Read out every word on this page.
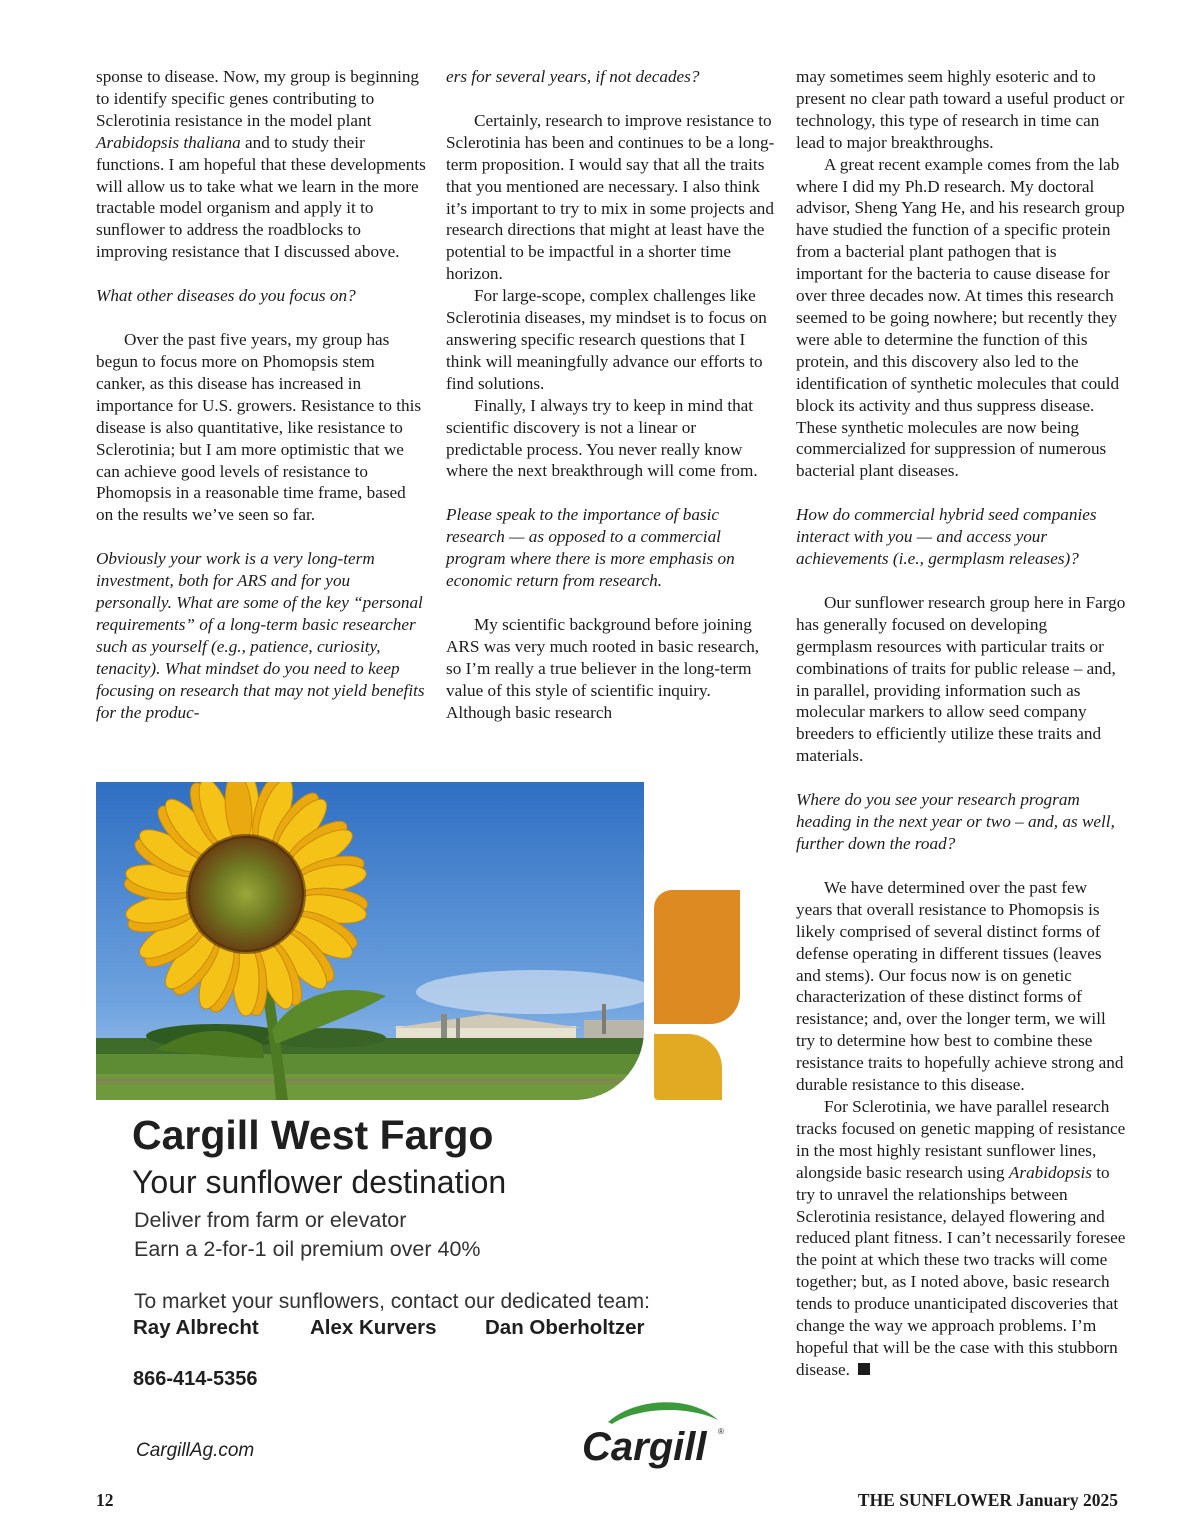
sponse to disease. Now, my group is beginning to identify specific genes contributing to Sclerotinia resistance in the model plant Arabidopsis thaliana and to study their functions. I am hopeful that these developments will allow us to take what we learn in the more tractable model organism and apply it to sunflower to address the roadblocks to improving resistance that I discussed above.

What other diseases do you focus on?

Over the past five years, my group has begun to focus more on Phomopsis stem canker, as this disease has increased in importance for U.S. growers. Resistance to this disease is also quantitative, like resistance to Sclerotinia; but I am more optimistic that we can achieve good levels of resistance to Phomopsis in a reasonable time frame, based on the results we’ve seen so far.

Obviously your work is a very long-term investment, both for ARS and for you personally. What are some of the key “personal requirements” of a long-term basic researcher such as yourself (e.g., patience, curiosity, tenacity). What mindset do you need to keep focusing on research that may not yield benefits for the produc-

ers for several years, if not decades?

Certainly, research to improve resistance to Sclerotinia has been and continues to be a long-term proposition. I would say that all the traits that you mentioned are necessary. I also think it’s important to try to mix in some projects and research directions that might at least have the potential to be impactful in a shorter time horizon.

For large-scope, complex challenges like Sclerotinia diseases, my mindset is to focus on answering specific research questions that I think will meaningfully advance our efforts to find solutions.

Finally, I always try to keep in mind that scientific discovery is not a linear or predictable process. You never really know where the next breakthrough will come from.

Please speak to the importance of basic research — as opposed to a commercial program where there is more emphasis on economic return from research.

My scientific background before joining ARS was very much rooted in basic research, so I’m really a true believer in the long-term value of this style of scientific inquiry. Although basic research

may sometimes seem highly esoteric and to present no clear path toward a useful product or technology, this type of research in time can lead to major breakthroughs.

A great recent example comes from the lab where I did my Ph.D research. My doctoral advisor, Sheng Yang He, and his research group have studied the function of a specific protein from a bacterial plant pathogen that is important for the bacteria to cause disease for over three decades now. At times this research seemed to be going nowhere; but recently they were able to determine the function of this protein, and this discovery also led to the identification of synthetic molecules that could block its activity and thus suppress disease. These synthetic molecules are now being commercialized for suppression of numerous bacterial plant diseases.

How do commercial hybrid seed companies interact with you — and access your achievements (i.e., germplasm releases)?

Our sunflower research group here in Fargo has generally focused on developing germplasm resources with particular traits or combinations of traits for public release – and, in parallel, providing information such as molecular markers to allow seed company breeders to efficiently utilize these traits and materials.

Where do you see your research program heading in the next year or two – and, as well, further down the road?

We have determined over the past few years that overall resistance to Phomopsis is likely comprised of several distinct forms of defense operating in different tissues (leaves and stems). Our focus now is on genetic characterization of these distinct forms of resistance; and, over the longer term, we will try to determine how best to combine these resistance traits to hopefully achieve strong and durable resistance to this disease.

For Sclerotinia, we have parallel research tracks focused on genetic mapping of resistance in the most highly resistant sunflower lines, alongside basic research using Arabidopsis to try to unravel the relationships between Sclerotinia resistance, delayed flowering and reduced plant fitness. I can’t necessarily foresee the point at which these two tracks will come together; but, as I noted above, basic research tends to produce unanticipated discoveries that change the way we approach problems. I’m hopeful that will be the case with this stubborn disease.

Cargill West Fargo
Your sunflower destination
Deliver from farm or elevator
Earn a 2-for-1 oil premium over 40%
To market your sunflowers, contact our dedicated team:
Ray Albrecht	Alex Kurvers Dan Oberholtzer
866-414-5356
CargillAg.com	Cargill ®
12	THE SUNFLOWER January 2025
